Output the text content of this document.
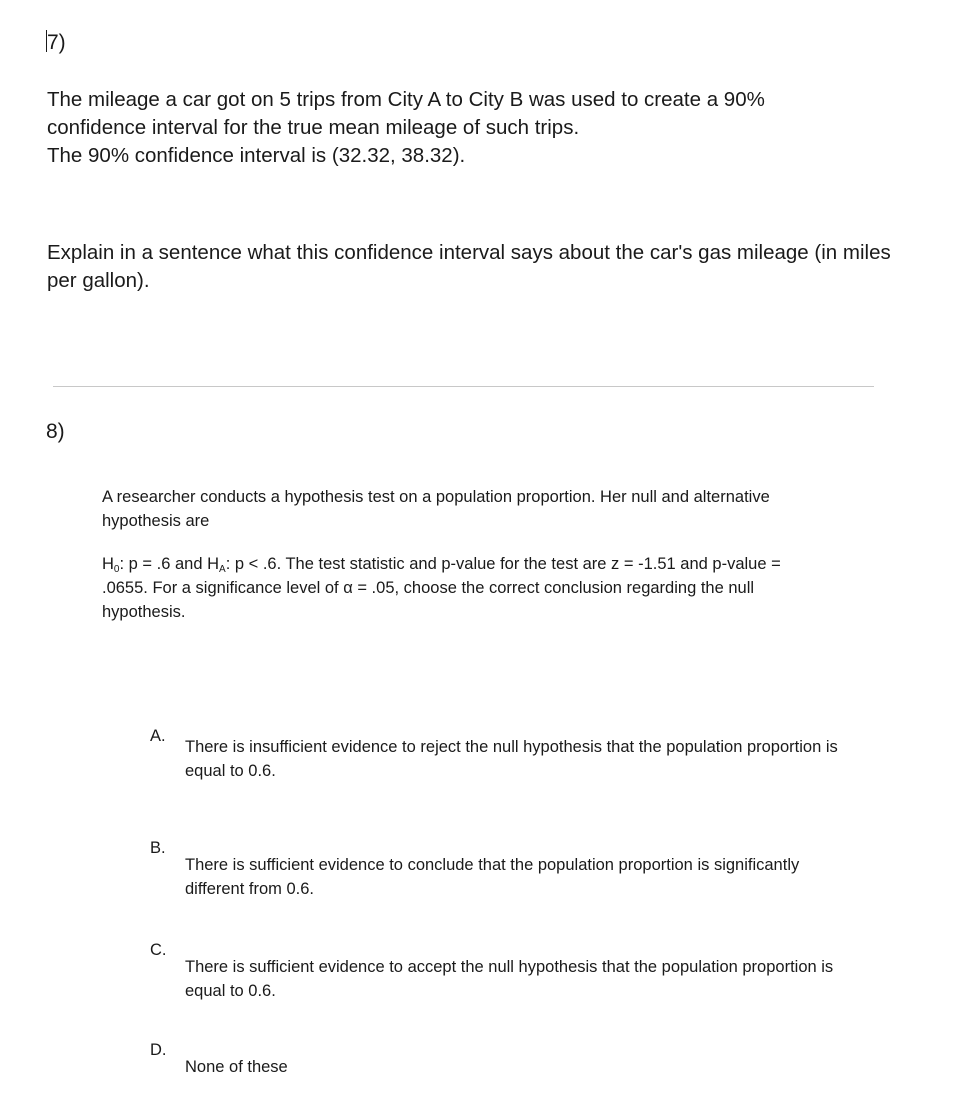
7)

The mileage a car got on 5 trips from City A to City B was used to create a 90%

confidence interval for the true mean mileage of such trips.

The 90% confidence interval is (32.32, 38.32).

Explain in a sentence what this confidence interval says about the car's gas mileage (in miles per gallon).
8)

A researcher conducts a hypothesis test on a population proportion. Her null and alternative hypothesis are

$H_0$: p = .6 and $H_A$: p < .6. The test statistic and p-value for the test are z = -1.51 and p-value = .0655. For a significance level of α = .05, choose the correct conclusion regarding the null hypothesis.

A.
There is insufficient evidence to reject the null hypothesis that the population proportion is equal to 0.6.
B.
There is sufficient evidence to conclude that the population proportion is significantly different from 0.6.
C.
There is sufficient evidence to accept the null hypothesis that the population proportion is equal to 0.6.
D.
None of these
